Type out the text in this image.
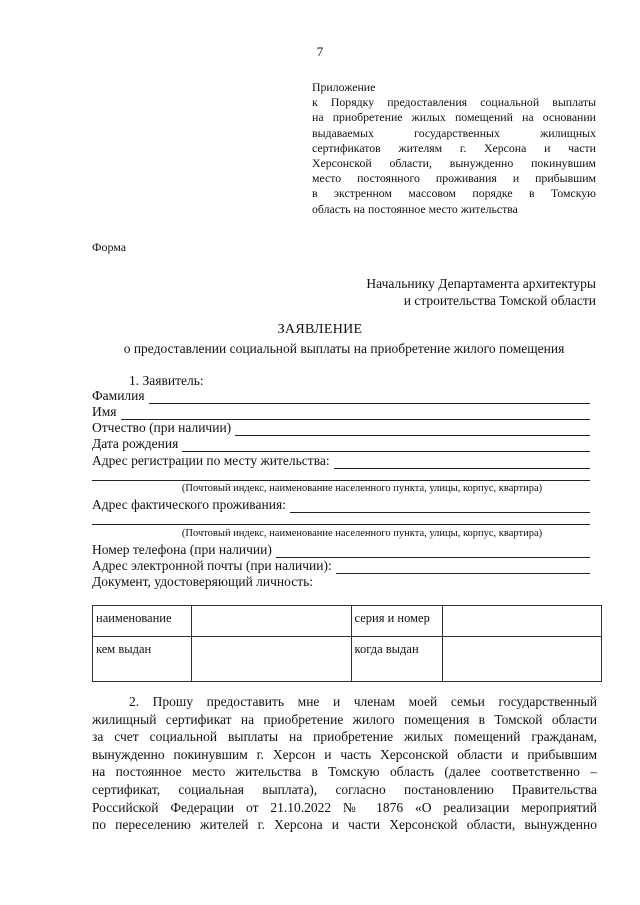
7
Приложение
к Порядку предоставления социальной выплаты
на приобретение жилых помещений на основании
выдаваемых государственных жилищных
сертификатов жителям г. Херсона и части
Херсонской области, вынужденно покинувшим
место постоянного проживания и прибывшим
в экстренном массовом порядке в Томскую
область на постоянное место жительства
Форма
Начальнику Департамента архитектуры
и строительства Томской области
ЗАЯВЛЕНИЕ
о предоставлении социальной выплаты на приобретение жилого помещения
1. Заявитель:
Фамилия
Имя
Отчество (при наличии)
Дата рождения
Адрес регистрации по месту жительства:
(Почтовый индекс, наименование населенного пункта, улицы, корпус, квартира)
Адрес фактического проживания:
(Почтовый индекс, наименование населенного пункта, улицы, корпус, квартира)
Номер телефона (при наличии)
Адрес электронной почты (при наличии):
Документ, удостоверяющий личность:
наименование		серия и номер	
кем выдан		когда выдан	
2. Прошу предоставить мне и членам моей семьи государственный
жилищный сертификат на приобретение жилого помещения в Томской области
за счет социальной выплаты на приобретение жилых помещений гражданам,
вынужденно покинувшим г. Херсон и часть Херсонской области и прибывшим
на постоянное место жительства в Томскую область (далее соответственно –
сертификат, социальная выплата), согласно постановлению Правительства
Российской Федерации от 21.10.2022 № 1876 «О реализации мероприятий
по переселению жителей г. Херсона и части Херсонской области, вынужденно
